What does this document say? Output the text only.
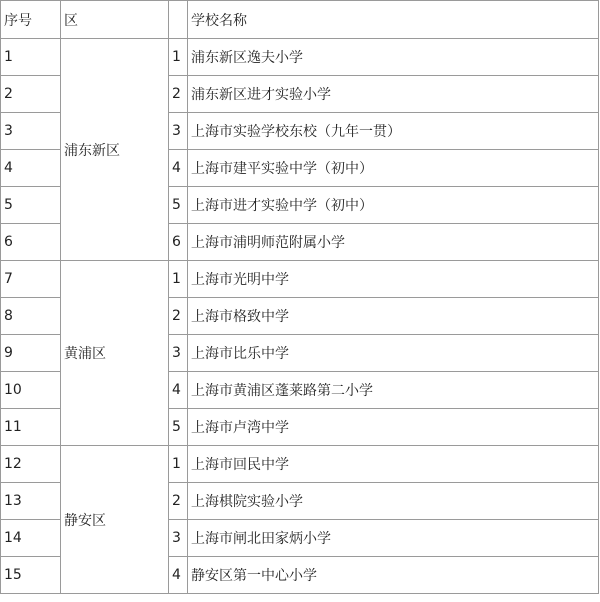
序号	区		学校名称
1	浦东新区	1	浦东新区逸夫小学
2		2	浦东新区进才实验小学
3		3	上海市实验学校东校（九年一贯）
4		4	上海市建平实验中学（初中）
5		5	上海市进才实验中学（初中）
6		6	上海市浦明师范附属小学
7	黄浦区	1	上海市光明中学
8		2	上海市格致中学
9		3	上海市比乐中学
10		4	上海市黄浦区蓬莱路第二小学
11		5	上海市卢湾中学
12	静安区	1	上海市回民中学
13		2	上海棋院实验小学
14		3	上海市闸北田家炳小学
15		4	静安区第一中心小学
